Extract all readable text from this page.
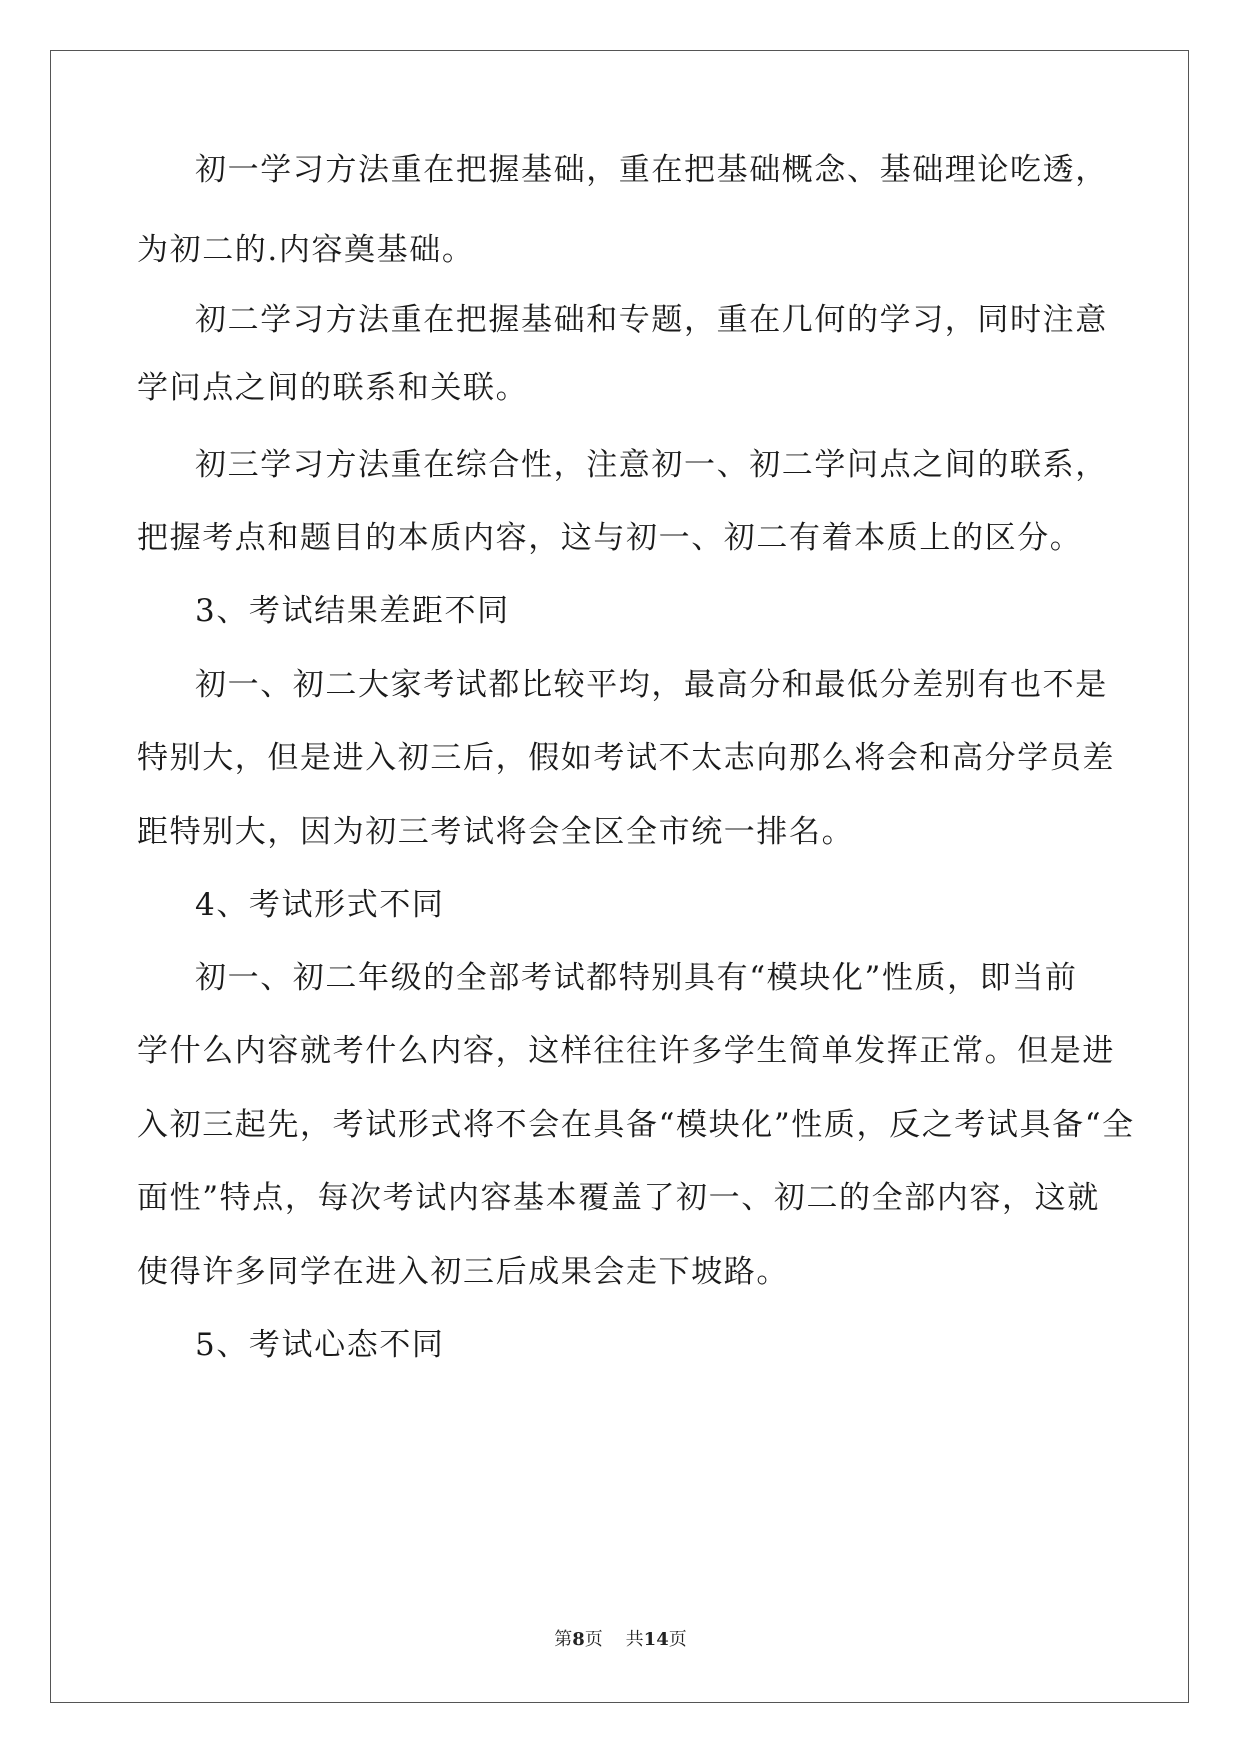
初一学习方法重在把握基础，重在把基础概念、基础理论吃透，

为初二的.内容奠基础。

初二学习方法重在把握基础和专题，重在几何的学习，同时注意

学问点之间的联系和关联。

初三学习方法重在综合性，注意初一、初二学问点之间的联系，

把握考点和题目的本质内容，这与初一、初二有着本质上的区分。

3、考试结果差距不同

初一、初二大家考试都比较平均，最高分和最低分差别有也不是

特别大，但是进入初三后，假如考试不太志向那么将会和高分学员差

距特别大，因为初三考试将会全区全市统一排名。

4、考试形式不同

初一、初二年级的全部考试都特别具有“模块化”性质，即当前

学什么内容就考什么内容，这样往往许多学生简单发挥正常。但是进

入初三起先，考试形式将不会在具备“模块化”性质，反之考试具备“全

面性”特点，每次考试内容基本覆盖了初一、初二的全部内容，这就

使得许多同学在进入初三后成果会走下坡路。

5、考试心态不同

第8页 共14页
